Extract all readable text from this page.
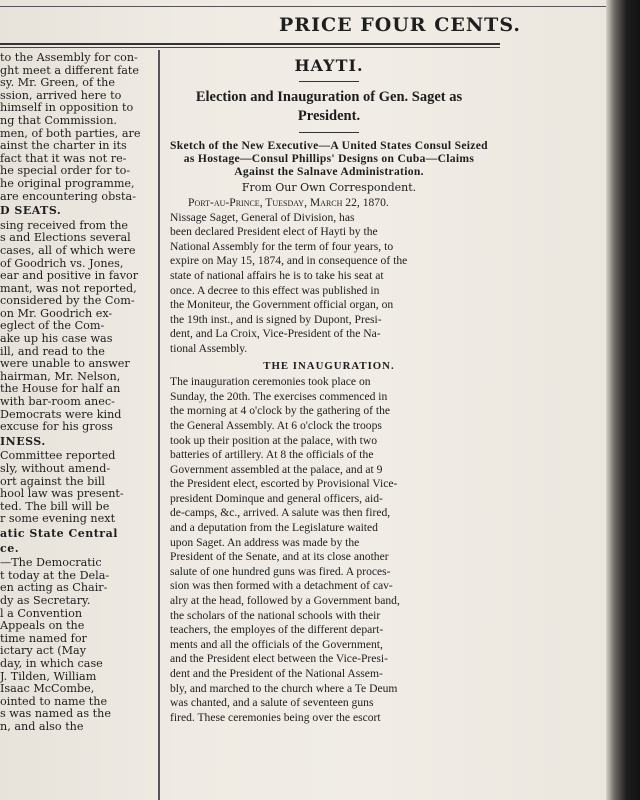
PRICE FOUR CENTS.
to the Assembly for con-
ght meet a different fate
sy. Mr. Green, of the
ssion, arrived here to
himself in opposition to
ng that Commission.
men, of both parties, are
ainst the charter in its
fact that it was not re-
he special order for to-
he original programme,
are encountering obsta-
D SEATS.
sing received from the
s and Elections several
cases, all of which were
of Goodrich vs. Jones,
ear and positive in favor
mant, was not reported,
considered by the Com-
on Mr. Goodrich ex-
eglect of the Com-
ake up his case was
ill, and read to the
were unable to answer
hairman, Mr. Nelson,
the House for half an
with bar-room anec-
Democrats were kind
excuse for his gross
INESS.
Committee reported
sly, without amend-
ort against the bill
hool law was present-
ted. The bill will be
r some evening next
atic State Central
ce.
—The Democratic
t today at the Dela-
en acting as Chair-
dy as Secretary.
l a Convention
Appeals on the
time named for
ictary act (May
day, in which case
J. Tilden, William
Isaac McCombe,
ointed to name the
s was named as the
n, and also the
HAYTI.
Election and Inauguration of Gen. Saget as President.
Sketch of the New Executive—A United States Consul Seized as Hostage—Consul Phillips' Designs on Cuba—Claims Against the Salnave Administration.
From Our Own Correspondent.
Port-au-Prince, Tuesday, March 22, 1870.
Nissage Saget, General of Division, has
been declared President elect of Hayti by the
National Assembly for the term of four years, to
expire on May 15, 1874, and in consequence of the
state of national affairs he is to take his seat at
once. A decree to this effect was published in
the Moniteur, the Government official organ, on
the 19th inst., and is signed by Dupont, Presi-
dent, and La Croix, Vice-President of the Na-
tional Assembly.
THE INAUGURATION.
The inauguration ceremonies took place on
Sunday, the 20th. The exercises commenced in
the morning at 4 o'clock by the gathering of the
the General Assembly. At 6 o'clock the troops
took up their position at the palace, with two
batteries of artillery. At 8 the officials of the
Government assembled at the palace, and at 9
the President elect, escorted by Provisional Vice-
president Dominque and general officers, aid-
de-camps, &c., arrived. A salute was then fired,
and a deputation from the Legislature waited
upon Saget. An address was made by the
President of the Senate, and at its close another
salute of one hundred guns was fired. A proces-
sion was then formed with a detachment of cav-
alry at the head, followed by a Government band,
the scholars of the national schools with their
teachers, the employes of the different depart-
ments and all the officials of the Government,
and the President elect between the Vice-Presi-
dent and the President of the National Assem-
bly, and marched to the church where a Te Deum
was chanted, and a salute of seventeen guns
fired. These ceremonies being over the escort
